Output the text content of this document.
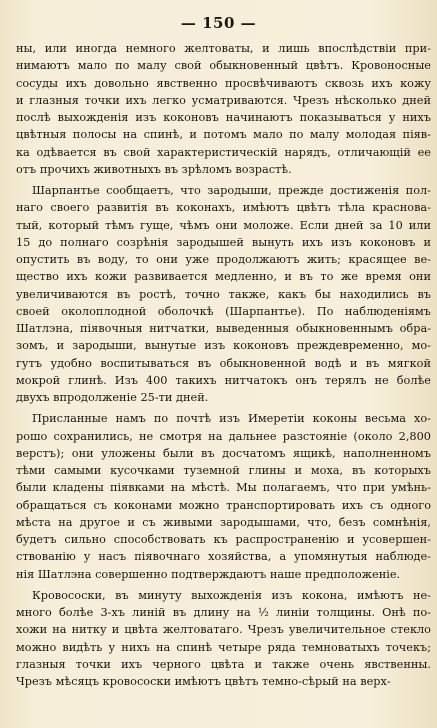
— 150 —
ны, или иногда немного желтоваты, и лишь впослѣдствіи при-
нимаютъ мало по малу свой обыкновенный цвѣтъ. Кровоносные
сосуды ихъ довольно явственно просвѣчиваютъ сквозь ихъ кожу
и глазныя точки ихъ легко усматриваются. Чрезъ нѣсколько дней
послѣ выхожденія изъ коконовъ начинаютъ показываться у нихъ
цвѣтныя полосы на спинѣ, и потомъ мало по малу молодая пiяв-
ка одѣвается въ свой характеристическiй нарядъ, отличающiй ее
отъ прочихъ животныхъ въ зрѣломъ возрастѣ.
Шарпантье сообщаетъ, что зародыши, прежде достиженія пол-
наго своего развитія въ коконахъ, имѣютъ цвѣтъ тѣла краснова-
тый, который тѣмъ гуще, чѣмъ они моложе. Если дней за 10 или
15 до полнаго созрѣнія зародышей вынуть ихъ изъ коконовъ и
опустить въ воду, то они уже продолжаютъ жить; красящее ве-
щество ихъ кожи развивается медленно, и въ то же время они
увеличиваются въ ростѣ, точно также, какъ бы находились въ
своей околоплодной оболочкѣ (Шарпантье). По наблюденіямъ
Шатлэна, пiявочныя нитчатки, выведенныя обыкновеннымъ обра-
зомъ, и зародыши, вынутые изъ коконовъ преждевременно, мо-
гутъ удобно воспитываться въ обыкновенной водѣ и въ мягкой
мокрой глинѣ. Изъ 400 такихъ нитчатокъ онъ терялъ не болѣе
двухъ впродолженіе 25-ти дней.
Присланные намъ по почтѣ изъ Имеретiи коконы весьма хо-
рошо сохранились, не смотря на дальнее разстояніе (около 2,800
верстъ); они уложены были въ досчатомъ ящикѣ, наполненномъ
тѣми самыми кусочками туземной глины и моха, въ которыхъ
были кладены пiявками на мѣстѣ. Мы полагаемъ, что при умѣнь-
обращаться съ коконами можно транспортировать ихъ съ одного
мѣста на другое и съ живыми зародышами, что, безъ сомнѣнія,
будетъ сильно способствовать къ распространенію и усовершен-
ствованію у насъ пiявочнаго хозяйства, а упомянутыя наблюде-
нія Шатлэна совершенно подтверждаютъ наше предположеніе.
Кровососки, въ минуту выхожденія изъ кокона, имѣютъ не-
много болѣе 3-хъ линiй въ длину на ½ линiи толщины. Онѣ по-
хожи на нитку и цвѣта желтоватаго. Чрезъ увеличительное стекло
можно видѣть у нихъ на спинѣ четыре ряда темноватыхъ точекъ;
глазныя точки ихъ черного цвѣта и также очень явственны.
Чрезъ мѣсяцъ кровососки имѣютъ цвѣтъ темно-сѣрый на верх-
